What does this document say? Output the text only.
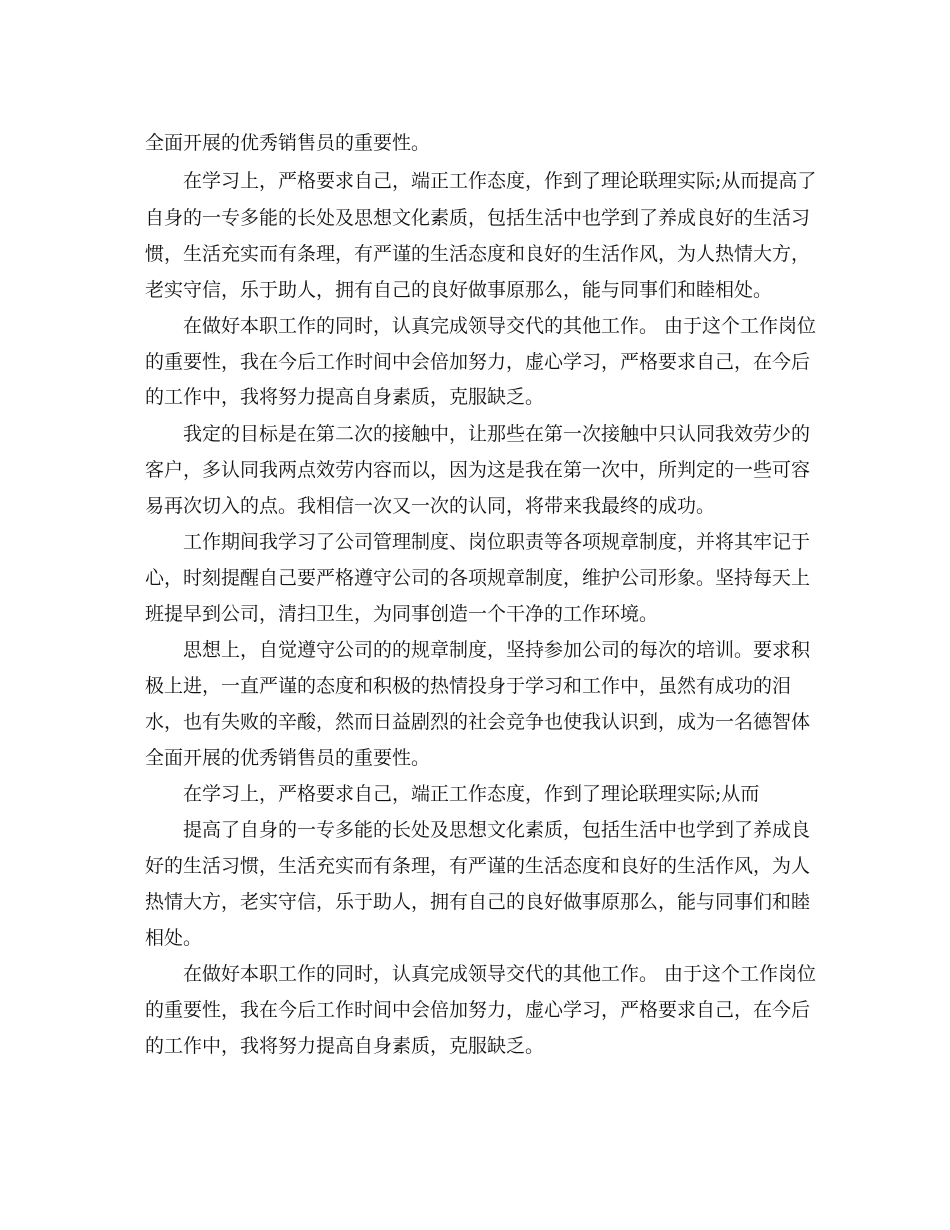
全面开展的优秀销售员的重要性。
在学习上，严格要求自己，端正工作态度，作到了理论联理实际;从而提高了
自身的一专多能的长处及思想文化素质，包括生活中也学到了养成良好的生活习
惯，生活充实而有条理，有严谨的生活态度和良好的生活作风，为人热情大方，
老实守信，乐于助人，拥有自己的良好做事原那么，能与同事们和睦相处。
在做好本职工作的同时，认真完成领导交代的其他工作。 由于这个工作岗位
的重要性，我在今后工作时间中会倍加努力，虚心学习，严格要求自己，在今后
的工作中，我将努力提高自身素质，克服缺乏。
我定的目标是在第二次的接触中，让那些在第一次接触中只认同我效劳少的
客户，多认同我两点效劳内容而以，因为这是我在第一次中，所判定的一些可容
易再次切入的点。我相信一次又一次的认同，将带来我最终的成功。
工作期间我学习了公司管理制度、岗位职责等各项规章制度，并将其牢记于
心，时刻提醒自己要严格遵守公司的各项规章制度，维护公司形象。坚持每天上
班提早到公司，清扫卫生，为同事创造一个干净的工作环境。
思想上，自觉遵守公司的的规章制度，坚持参加公司的每次的培训。要求积
极上进，一直严谨的态度和积极的热情投身于学习和工作中，虽然有成功的泪
水，也有失败的辛酸，然而日益剧烈的社会竞争也使我认识到，成为一名德智体
全面开展的优秀销售员的重要性。
在学习上，严格要求自己，端正工作态度，作到了理论联理实际;从而
提高了自身的一专多能的长处及思想文化素质，包括生活中也学到了养成良
好的生活习惯，生活充实而有条理，有严谨的生活态度和良好的生活作风，为人
热情大方，老实守信，乐于助人，拥有自己的良好做事原那么，能与同事们和睦
相处。
在做好本职工作的同时，认真完成领导交代的其他工作。 由于这个工作岗位
的重要性，我在今后工作时间中会倍加努力，虚心学习，严格要求自己，在今后
的工作中，我将努力提高自身素质，克服缺乏。
